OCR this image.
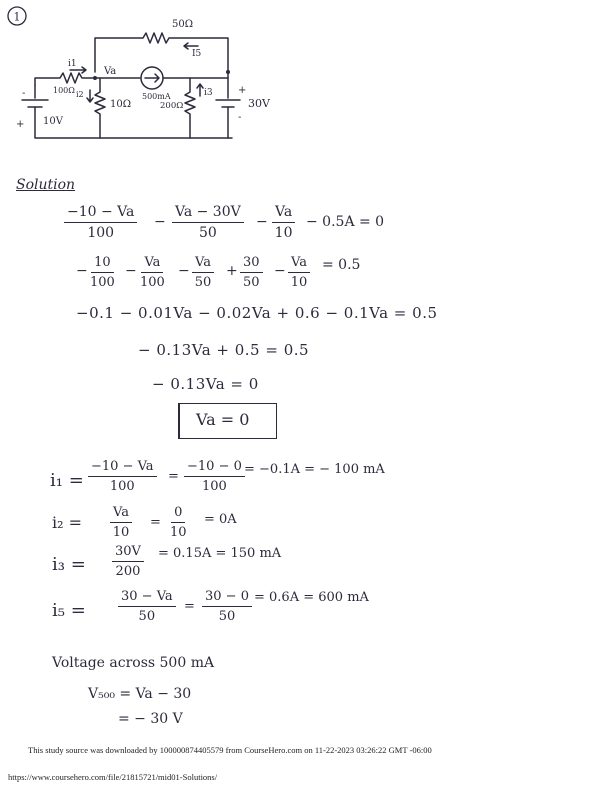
1
50Ω
I5
i1
Va
100Ω i2
10Ω
500mA
200Ω
i3
-
+ 10V
+
-
30V
Solution
$\frac{-10 - Va}{100} - \frac{Va - 30V}{50} - \frac{Va}{10} - 0.5A = 0$
− $\frac{10}{100} - \frac{Va}{100} - \frac{Va}{50} + \frac{30}{50} - \frac{Va}{10} = 0.5$
−0.1 − 0.01Va − 0.02Va + 0.6 − 0.1Va = 0.5
− 0.13Va + 0.5 = 0.5
− 0.13Va = 0
Va = 0
$i_1 = \frac{-10 - Va}{100} = \frac{-10 - 0}{100} = -0.1A$ = − 100 mA
$i_2 = \frac{Va}{10} = \frac{0}{10} = 0A$
$i_3 = \frac{30V}{200} = 0.15A = 150$ mA
$i_5 = \frac{30 - Va}{50} = \frac{30 - 0}{50} = 0.6A = 600$ mA
Voltage across 500 mA
V₅₀₀ = Va − 30
= − 30 V
This study source was downloaded by 100000874405579 from CourseHero.com on 11-22-2023 03:26:22 GMT -06:00
https://www.coursehero.com/file/21815721/mid01-Solutions/
